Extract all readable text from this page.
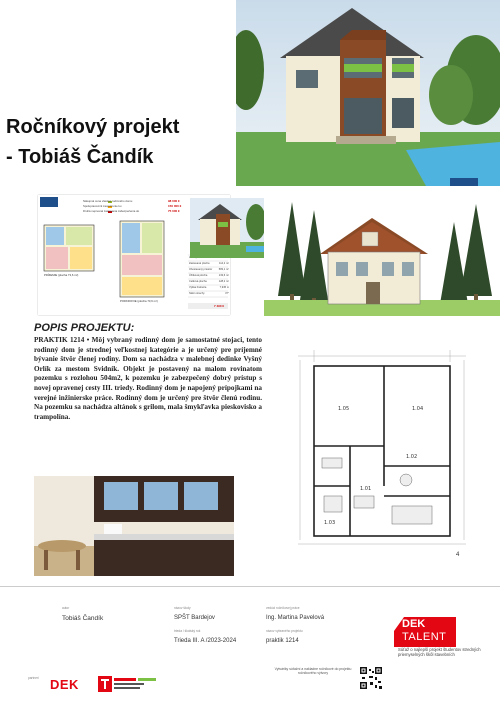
Ročníkový projekt
- Tobiáš Čandík
Nákupná cena vlastnej rodinného domu
Spolupracovník zaopatrenie ku
Druhá nepresná zastavania zabezpečenia do
98 000 €
150 000 €
75 000 €
PRÍZEMIE (plocha 73,6 m²)
PODKROVIE (plocha 73,6 m²)
Zastavaná plocha
Obostavaný priestor
Úžitková plocha
Celková plocha
Výška hrebeňa
Sklon strechy
114,2 m²
583,1 m³
133,6 m²
128,2 m²
7,945 m
37°
7 490 €
POPIS PROJEKTU:
PRAKTIK 1214 • Môj vybraný rodinný dom je samostatné stojaci, tento rodinný dom je strednej veľkostnej kategórie a je určený pre príjemné bývanie štvôr členej rodiny. Dom sa nachádza v malebnej dedinke Vyšný Orlík za mestom Svidník. Objekt je postavený na malom rovinatom pozemku s rozlohou 504m2, k pozemku je zabezpečený dobrý prístup s novej opravenej cesty III. triedy. Rodinný dom je napojený prípojkami na verejné inžinierske práce. Rodinný dom je určený pre štvôr členú rodinu. Na pozemku sa nachádza altánok s grilom, mala šmykľavka pieskovisko a trampolína.
1.05	1.04
1.02
1.03
1.01
4
autor
Tobiáš Čandík
názov školy
SPŠT Bardejov
vedúci ročníkovej práce
Ing. Martina Pavelová
trieda / školský rok
Trieda III. A /2023-2024
názov vybraného projektu
praktik 1214
DEK
TALENT
Súťaž o najlepší projekt študentov stredných priemyselných škôl stavebních
partneri DEK
Vytváriky súťažní a nakladne ročníkové do projektu ročníkového výtvory
